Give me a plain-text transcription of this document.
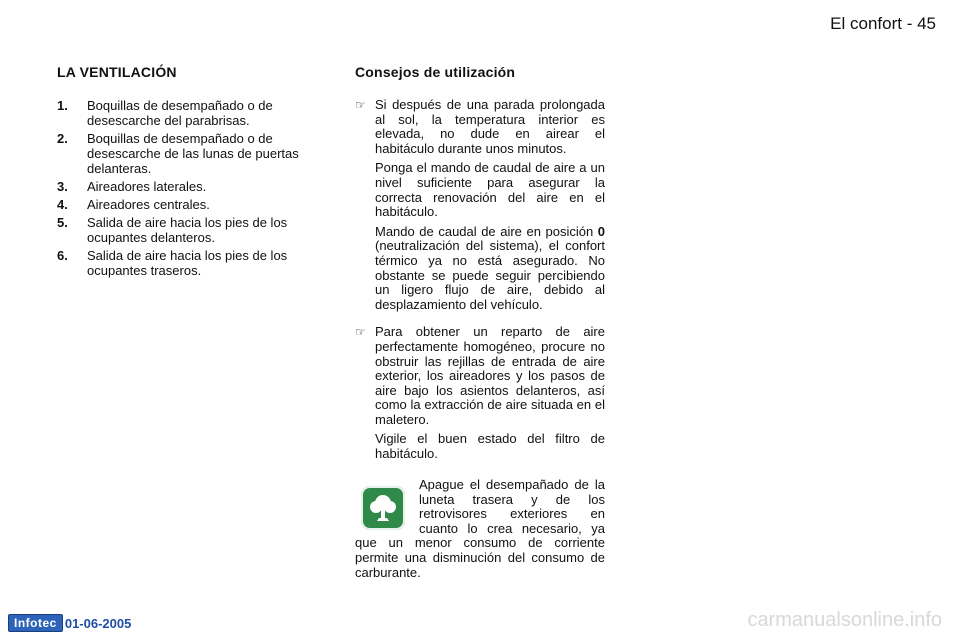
El confort - 45
LA VENTILACIÓN
1.	Boquillas de desempañado o de desescarche del parabrisas.
2.	Boquillas de desempañado o de desescarche de las lunas de puertas delanteras.
3.	Aireadores laterales.
4.	Aireadores centrales.
5.	Salida de aire hacia los pies de los ocupantes delanteros.
6.	Salida de aire hacia los pies de los ocupantes traseros.
Consejos de utilización
☞ Si después de una parada prolongada al sol, la temperatura interior es elevada, no dude en airear el habitáculo durante unos minutos.

Ponga el mando de caudal de aire a un nivel suficiente para asegurar la correcta renovación del aire en el habitáculo.

Mando de caudal de aire en posición 0 (neutralización del sistema), el confort térmico ya no está asegurado. No obstante se puede seguir percibiendo un ligero flujo de aire, debido al desplazamiento del vehículo.

☞ Para obtener un reparto de aire perfectamente homogéneo, procure no obstruir las rejillas de entrada de aire exterior, los aireadores y los pasos de aire bajo los asientos delanteros, así como la extracción de aire situada en el maletero.

Vigile el buen estado del filtro de habitáculo.

Apague el desempañado de la luneta trasera y de los retrovisores exteriores en cuanto lo crea necesario, ya que un menor consumo de corriente permite una disminución del consumo de carburante.
Infotec 01-06-2005	carmanualsonline.info
